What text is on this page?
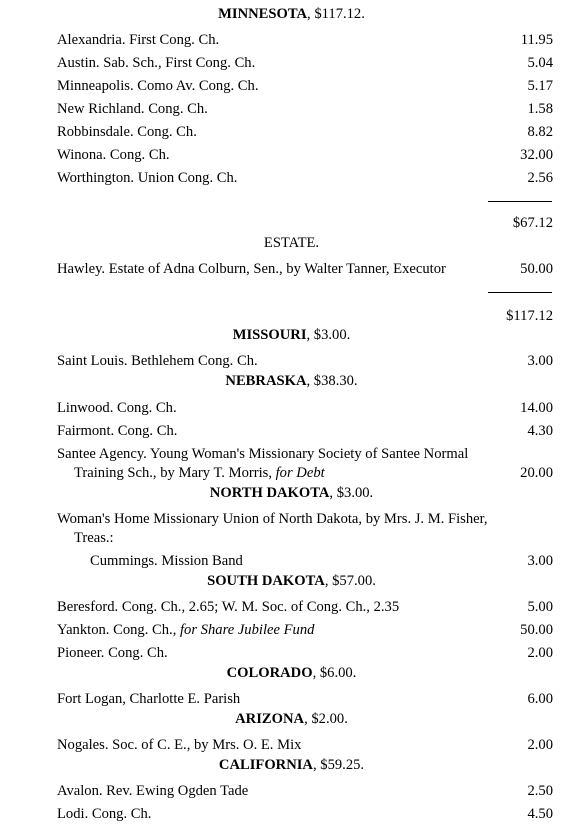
MINNESOTA, $117.12.
Alexandria. First Cong. Ch.	11.95
Austin. Sab. Sch., First Cong. Ch.	5.04
Minneapolis. Como Av. Cong. Ch.	5.17
New Richland. Cong. Ch.	1.58
Robbinsdale. Cong. Ch.	8.82
Winona. Cong. Ch.	32.00
Worthington. Union Cong. Ch.	2.56
$67.12
ESTATE.
Hawley. Estate of Adna Colburn, Sen., by Walter Tanner, Executor	50.00
$117.12
MISSOURI, $3.00.
Saint Louis. Bethlehem Cong. Ch.	3.00
NEBRASKA, $38.30.
Linwood. Cong. Ch.	14.00
Fairmont. Cong. Ch.	4.30
Santee Agency. Young Woman's Missionary Society of Santee Normal
Training Sch., by Mary T. Morris, for Debt	20.00
NORTH DAKOTA, $3.00.
Woman's Home Missionary Union of North Dakota, by Mrs. J. M. Fisher,
Treas.:
Cummings. Mission Band	3.00
SOUTH DAKOTA, $57.00.
Beresford. Cong. Ch., 2.65; W. M. Soc. of Cong. Ch., 2.35	5.00
Yankton. Cong. Ch., for Share Jubilee Fund	50.00
Pioneer. Cong. Ch.	2.00
COLORADO, $6.00.
Fort Logan, Charlotte E. Parish	6.00
ARIZONA, $2.00.
Nogales. Soc. of C. E., by Mrs. O. E. Mix	2.00
CALIFORNIA, $59.25.
Avalon. Rev. Ewing Ogden Tade	2.50
Lodi. Cong. Ch.	4.50
